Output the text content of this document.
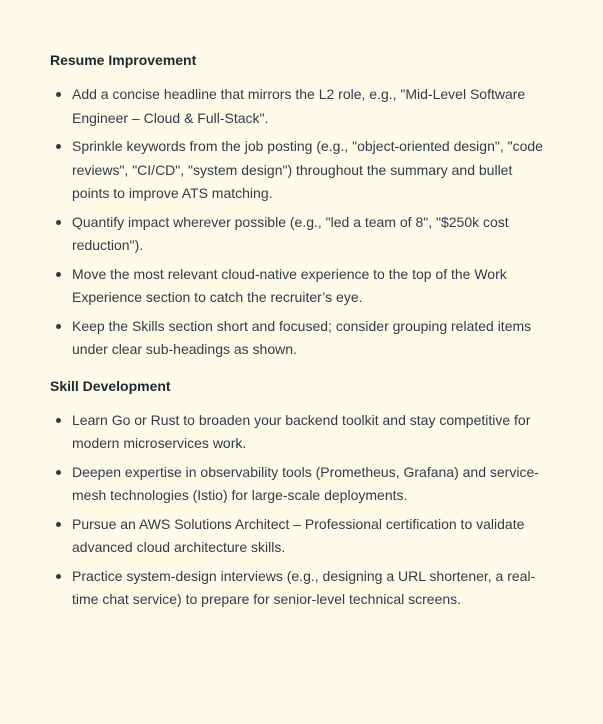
Resume Improvement
Add a concise headline that mirrors the L2 role, e.g., "Mid-Level Software Engineer – Cloud & Full-Stack".
Sprinkle keywords from the job posting (e.g., "object-oriented design", "code reviews", "CI/CD", "system design") throughout the summary and bullet points to improve ATS matching.
Quantify impact wherever possible (e.g., "led a team of 8", "$250k cost reduction").
Move the most relevant cloud-native experience to the top of the Work Experience section to catch the recruiter’s eye.
Keep the Skills section short and focused; consider grouping related items under clear sub-headings as shown.
Skill Development
Learn Go or Rust to broaden your backend toolkit and stay competitive for modern microservices work.
Deepen expertise in observability tools (Prometheus, Grafana) and service-mesh technologies (Istio) for large-scale deployments.
Pursue an AWS Solutions Architect – Professional certification to validate advanced cloud architecture skills.
Practice system-design interviews (e.g., designing a URL shortener, a real-time chat service) to prepare for senior-level technical screens.
